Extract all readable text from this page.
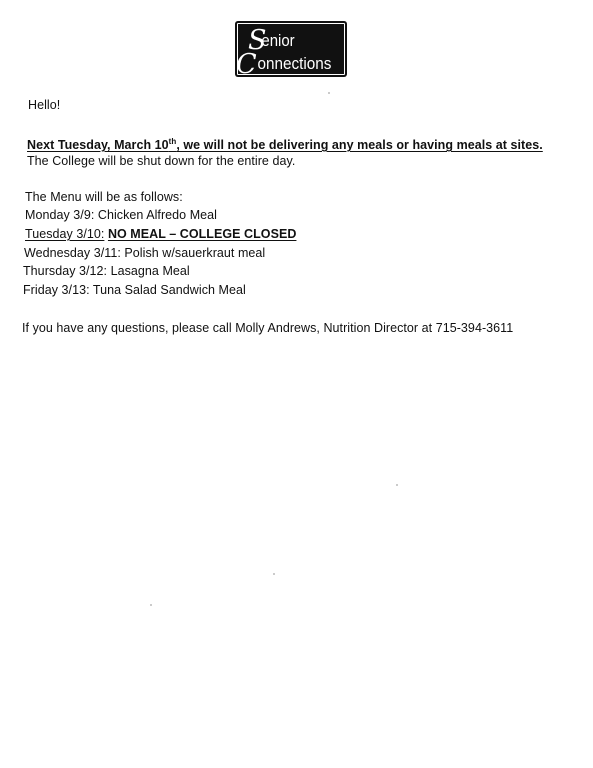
S
C
enior
onnections

Hello!

Next Tuesday, March 10th, we will not be delivering any meals or having meals at sites.

The College will be shut down for the entire day.

The Menu will be as follows:

Monday 3/9: Chicken Alfredo Meal

Tuesday 3/10: NO MEAL – COLLEGE CLOSED

Wednesday 3/11: Polish w/sauerkraut meal

Thursday 3/12: Lasagna Meal

Friday 3/13: Tuna Salad Sandwich Meal

If you have any questions, please call Molly Andrews, Nutrition Director at 715-394-3611
